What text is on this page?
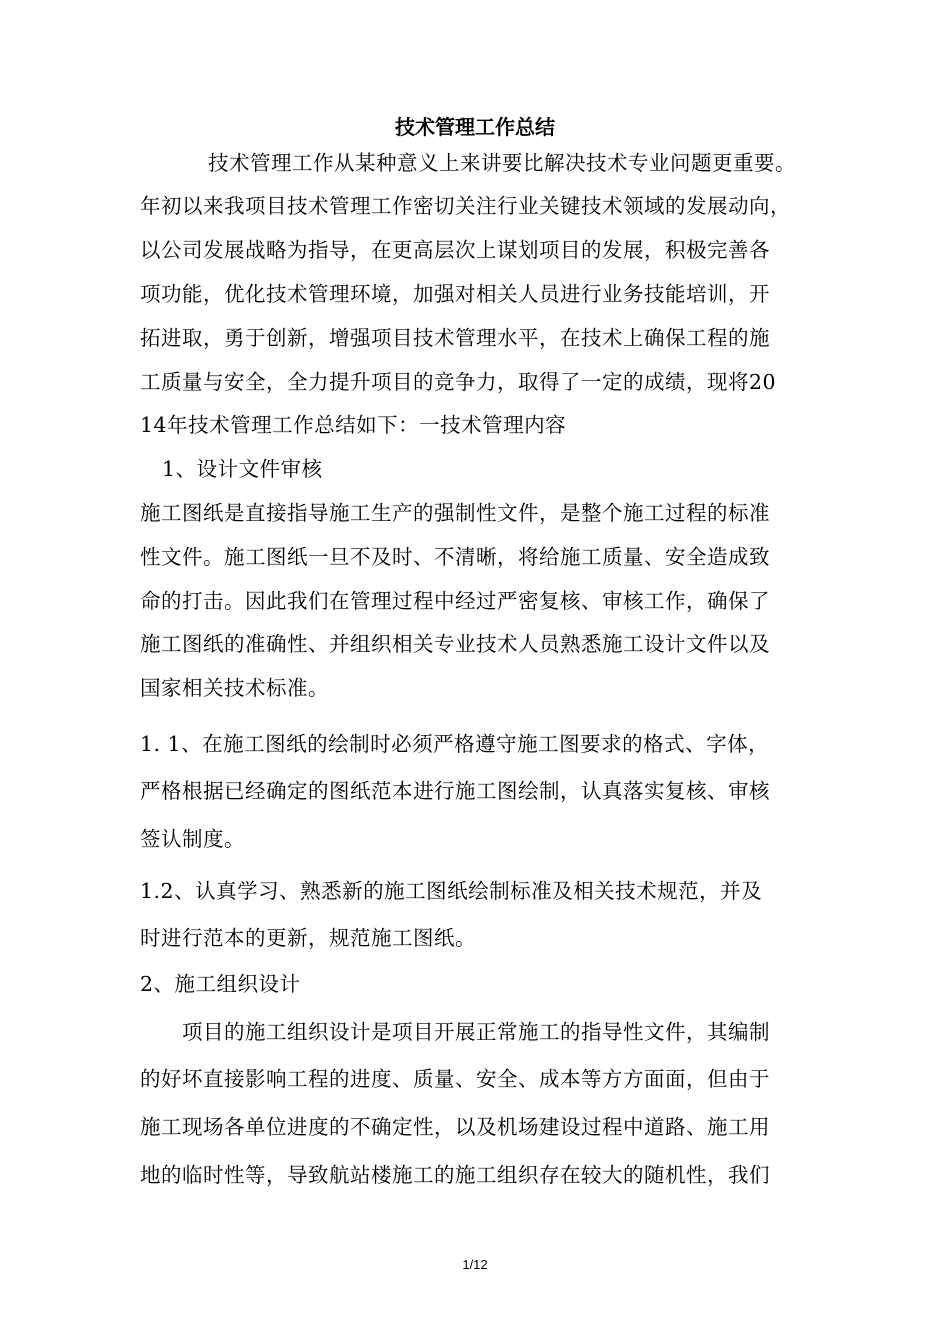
技术管理工作总结
技术管理工作从某种意义上来讲要比解决技术专业问题更重要。
年初以来我项目技术管理工作密切关注行业关键技术领域的发展动向，
以公司发展战略为指导，在更高层次上谋划项目的发展，积极完善各
项功能，优化技术管理环境，加强对相关人员进行业务技能培训，开
拓进取，勇于创新，增强项目技术管理水平，在技术上确保工程的施
工质量与安全，全力提升项目的竞争力，取得了一定的成绩，现将20
14年技术管理工作总结如下：一技术管理内容
1、设计文件审核
施工图纸是直接指导施工生产的强制性文件，是整个施工过程的标准
性文件。施工图纸一旦不及时、不清晰，将给施工质量、安全造成致
命的打击。因此我们在管理过程中经过严密复核、审核工作，确保了
施工图纸的准确性、并组织相关专业技术人员熟悉施工设计文件以及
国家相关技术标准。
1. 1、在施工图纸的绘制时必须严格遵守施工图要求的格式、字体，
严格根据已经确定的图纸范本进行施工图绘制，认真落实复核、审核
签认制度。
1.2、认真学习、熟悉新的施工图纸绘制标准及相关技术规范，并及
时进行范本的更新，规范施工图纸。
2、施工组织设计
项目的施工组织设计是项目开展正常施工的指导性文件，其编制
的好坏直接影响工程的进度、质量、安全、成本等方方面面，但由于
施工现场各单位进度的不确定性，以及机场建设过程中道路、施工用
地的临时性等，导致航站楼施工的施工组织存在较大的随机性，我们
1/12
